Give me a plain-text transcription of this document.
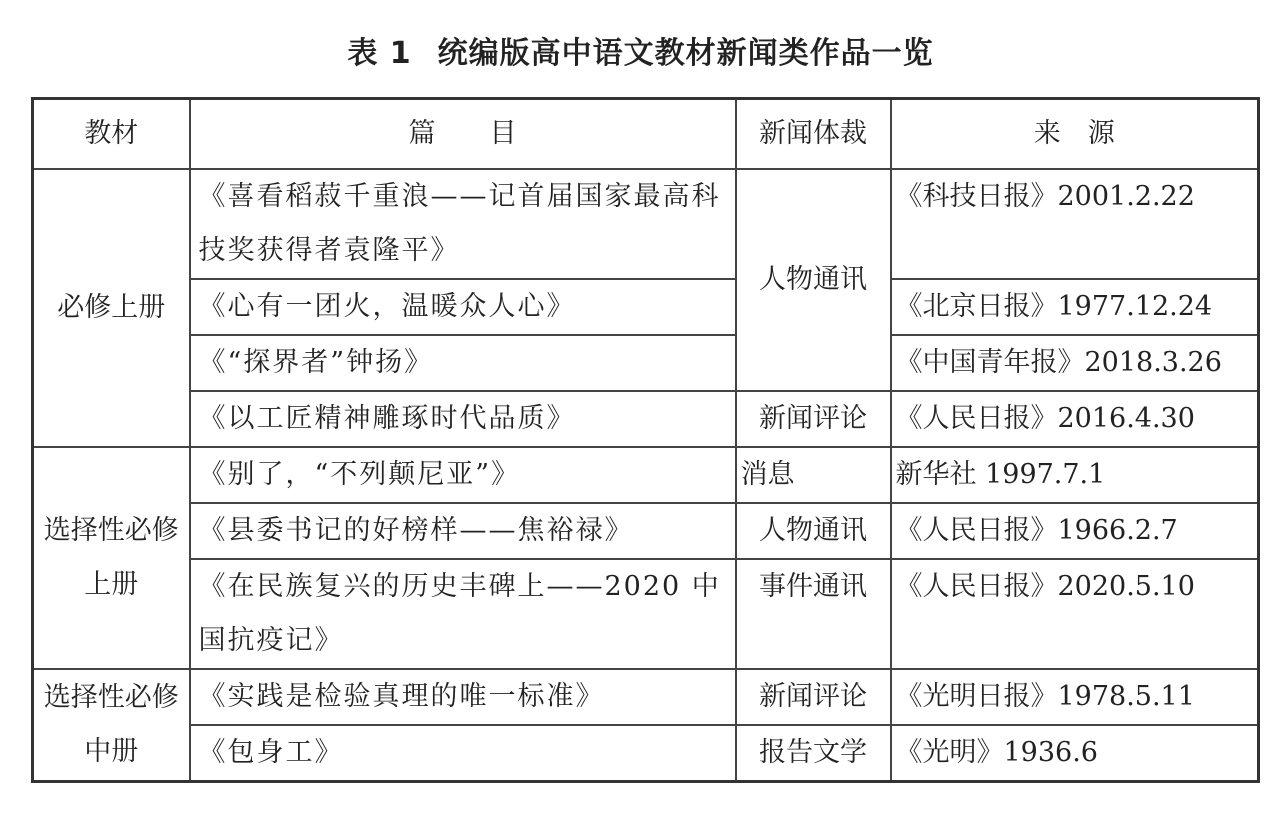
表 1 统编版高中语文教材新闻类作品一览
教材	篇　　目	新闻体裁	来　源
必修上册	《喜看稻菽千重浪——记首届国家最高科技奖获得者袁隆平》	人物通讯	《科技日报》2001.2.22

	《心有一团火，温暖众人心》		《北京日报》1977.12.24
	《“探界者”钟扬》		《中国青年报》2018.3.26
	《以工匠精神雕琢时代品质》	新闻评论	《人民日报》2016.4.30
选择性必修上册	《别了，“不列颠尼亚”》	消息	新华社 1997.7.1
	《县委书记的好榜样——焦裕禄》	人物通讯	《人民日报》1966.2.7
	《在民族复兴的历史丰碑上——2020 中国抗疫记》	事件通讯	《人民日报》2020.5.10

选择性必修中册	《实践是检验真理的唯一标准》	新闻评论	《光明日报》1978.5.11
	《包身工》	报告文学	《光明》1936.6
